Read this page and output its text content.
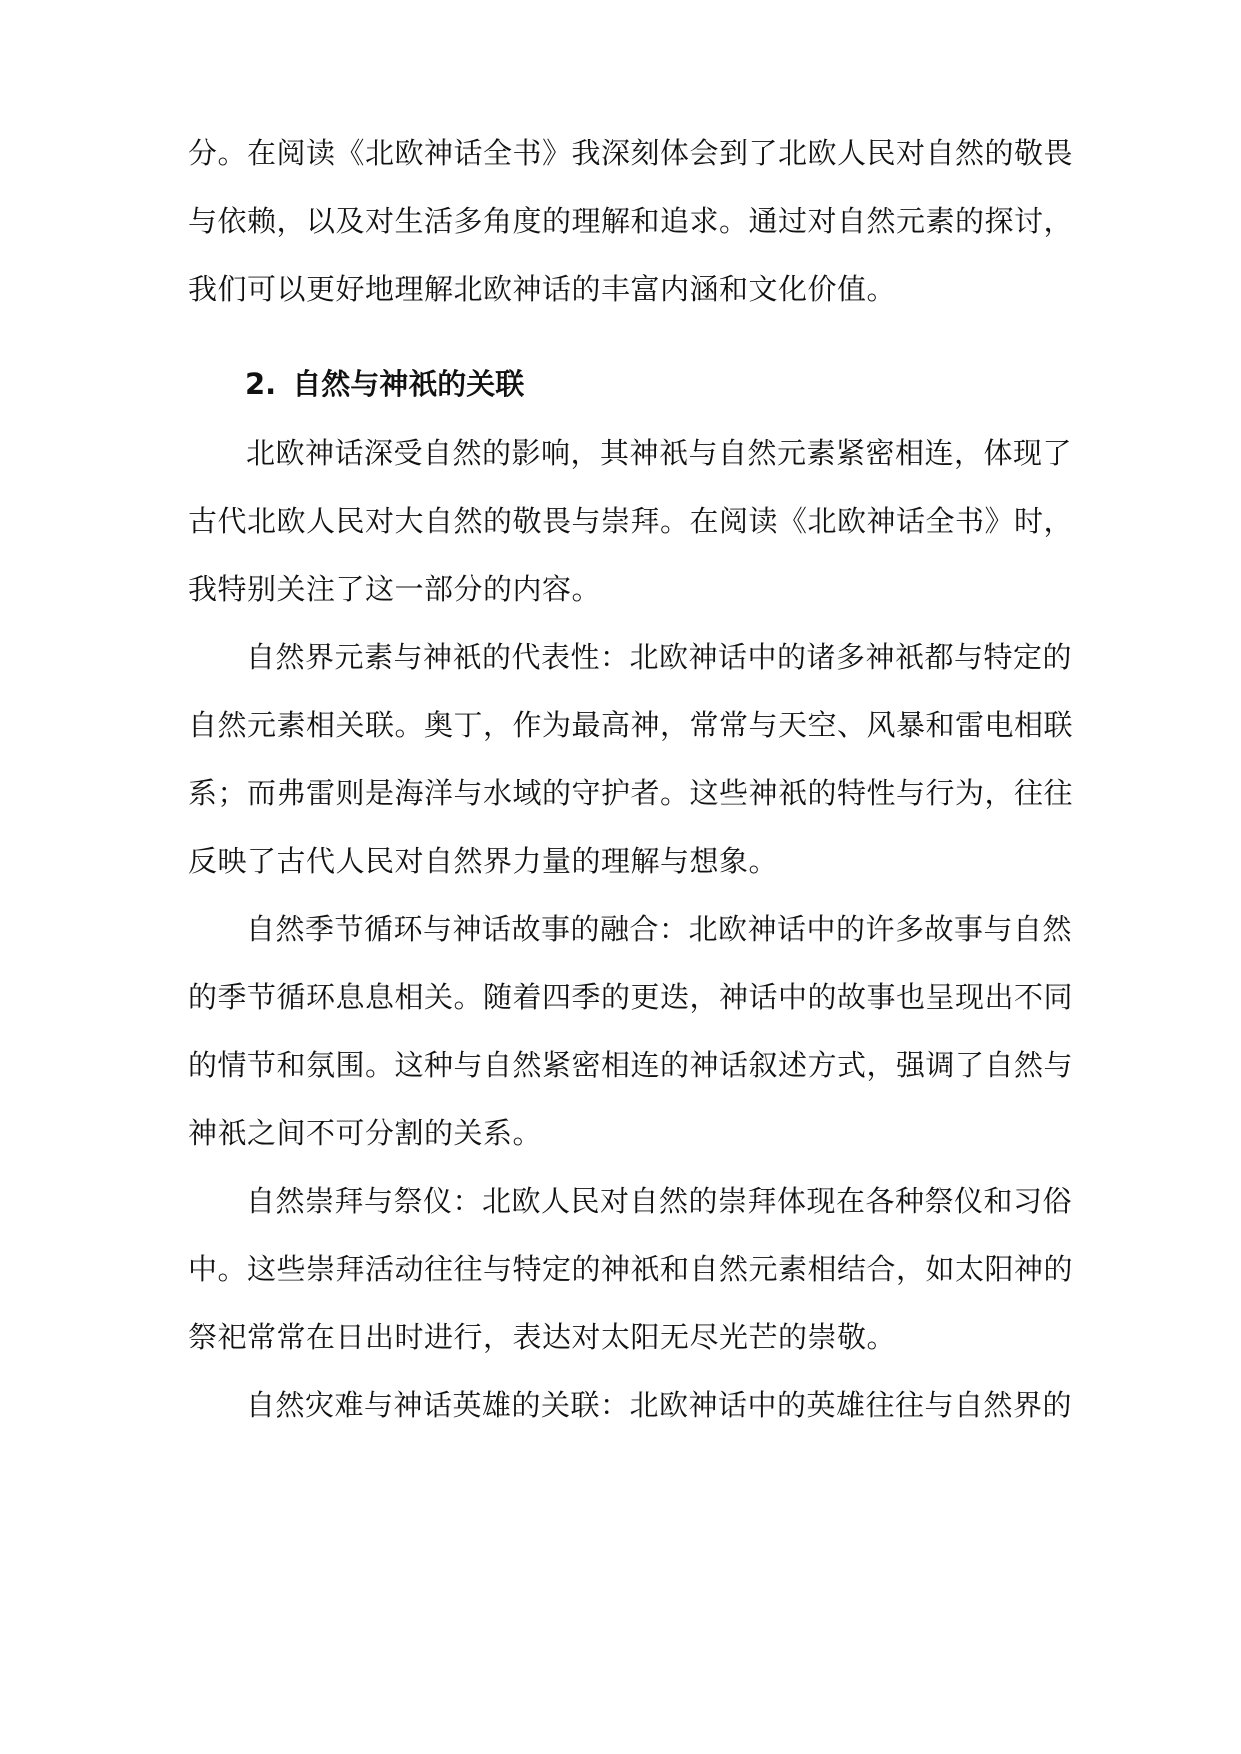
分。在阅读《北欧神话全书》我深刻体会到了北欧人民对自然的敬畏
与依赖，以及对生活多角度的理解和追求。通过对自然元素的探讨，
我们可以更好地理解北欧神话的丰富内涵和文化价值。
2. 自然与神祇的关联
北欧神话深受自然的影响，其神祇与自然元素紧密相连，体现了
古代北欧人民对大自然的敬畏与崇拜。在阅读《北欧神话全书》时，
我特别关注了这一部分的内容。
自然界元素与神祇的代表性：北欧神话中的诸多神祇都与特定的
自然元素相关联。奥丁，作为最高神，常常与天空、风暴和雷电相联
系；而弗雷则是海洋与水域的守护者。这些神祇的特性与行为，往往
反映了古代人民对自然界力量的理解与想象。
自然季节循环与神话故事的融合：北欧神话中的许多故事与自然
的季节循环息息相关。随着四季的更迭，神话中的故事也呈现出不同
的情节和氛围。这种与自然紧密相连的神话叙述方式，强调了自然与
神祇之间不可分割的关系。
自然崇拜与祭仪：北欧人民对自然的崇拜体现在各种祭仪和习俗
中。这些崇拜活动往往与特定的神祇和自然元素相结合，如太阳神的
祭祀常常在日出时进行，表达对太阳无尽光芒的崇敬。
自然灾难与神话英雄的关联：北欧神话中的英雄往往与自然界的
